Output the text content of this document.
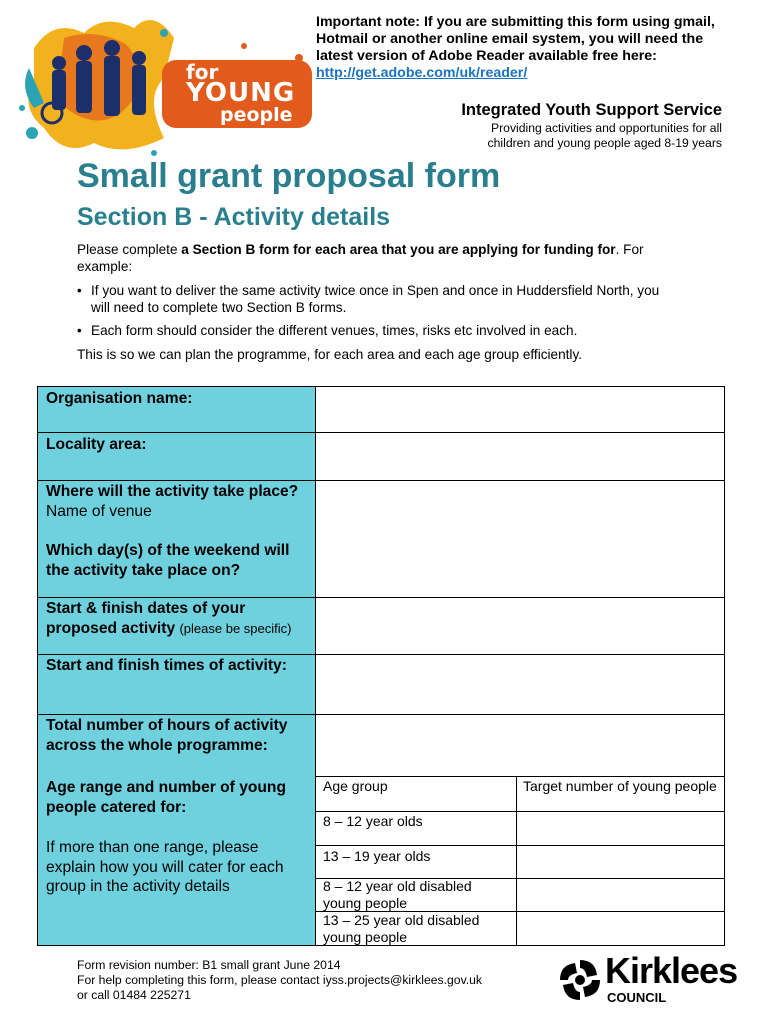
for
YOUNG
people
Important note: If you are submitting this form using gmail, Hotmail or another online email system, you will need the latest version of Adobe Reader available free here: http://get.adobe.com/uk/reader/
Integrated Youth Support Service
Providing activities and opportunities for all
children and young people aged 8-19 years
Small grant proposal form
Section B - Activity details

Please complete a Section B form for each area that you are applying for funding for. For example:

• If you want to deliver the same activity twice once in Spen and once in Huddersfield North, you will need to complete two Section B forms.
• Each form should consider the different venues, times, risks etc involved in each.
This is so we can plan the programme, for each area and each age group efficiently.
Organisation name:
Locality area:
Where will the activity take place?
Name of venue
Which day(s) of the weekend will the activity take place on?
Start & finish dates of your proposed activity (please be specific)
Start and finish times of activity:
Total number of hours of activity across the whole programme:
Age range and number of young people catered for:
If more than one range, please explain how you will cater for each group in the activity details
Age group	Target number of young people
8 – 12 year olds
13 – 19 year olds
8 – 12 year old disabled young people
13 – 25 year old disabled young people
Form revision number: B1 small grant June 2014
For help completing this form, please contact iyss.projects@kirklees.gov.uk
or call 01484 225271
Kirklees
COUNCIL
